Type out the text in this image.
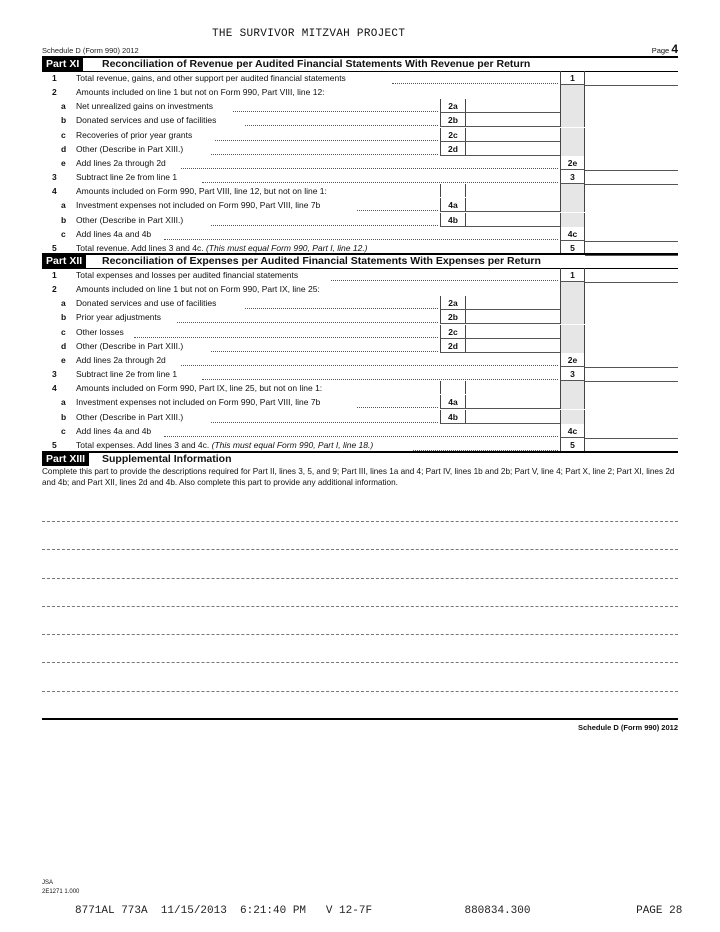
THE SURVIVOR MITZVAH PROJECT
Schedule D (Form 990) 2012	Page 4
Part XI	Reconciliation of Revenue per Audited Financial Statements With Revenue per Return
1	Total revenue, gains, and other support per audited financial statements	1
2	Amounts included on line 1 but not on Form 990, Part VIII, line 12:
a	Net unrealized gains on investments	2a
b	Donated services and use of facilities	2b
c	Recoveries of prior year grants	2c
d	Other (Describe in Part XIII.)	2d
e	Add lines 2a through 2d	2e
3	Subtract line 2e from line 1	3
4	Amounts included on Form 990, Part VIII, line 12, but not on line 1:
a	Investment expenses not included on Form 990, Part VIII, line 7b	4a
b	Other (Describe in Part XIII.)	4b
c	Add lines 4a and 4b	4c
5	Total revenue. Add lines 3 and 4c. (This must equal Form 990, Part I, line 12.)	5
Part XII	Reconciliation of Expenses per Audited Financial Statements With Expenses per Return
1	Total expenses and losses per audited financial statements	1
2	Amounts included on line 1 but not on Form 990, Part IX, line 25:
a	Donated services and use of facilities	2a
b	Prior year adjustments	2b
c	Other losses	2c
d	Other (Describe in Part XIII.)	2d
e	Add lines 2a through 2d	2e
3	Subtract line 2e from line 1	3
4	Amounts included on Form 990, Part IX, line 25, but not on line 1:
a	Investment expenses not included on Form 990, Part VIII, line 7b	4a
b	Other (Describe in Part XIII.)	4b
c	Add lines 4a and 4b	4c
5	Total expenses. Add lines 3 and 4c. (This must equal Form 990, Part I, line 18.)	5
Part XIII	Supplemental Information
Complete this part to provide the descriptions required for Part II, lines 3, 5, and 9; Part III, lines 1a and 4; Part IV, lines 1b and 2b; Part V, line 4; Part X, line 2; Part XI, lines 2d and 4b; and Part XII, lines 2d and 4b. Also complete this part to provide any additional information.
Schedule D (Form 990) 2012
JSA
2E1271 1.000
8771AL 773A  11/15/2013  6:21:40 PM   V 12-7F              880834.300                PAGE 28
